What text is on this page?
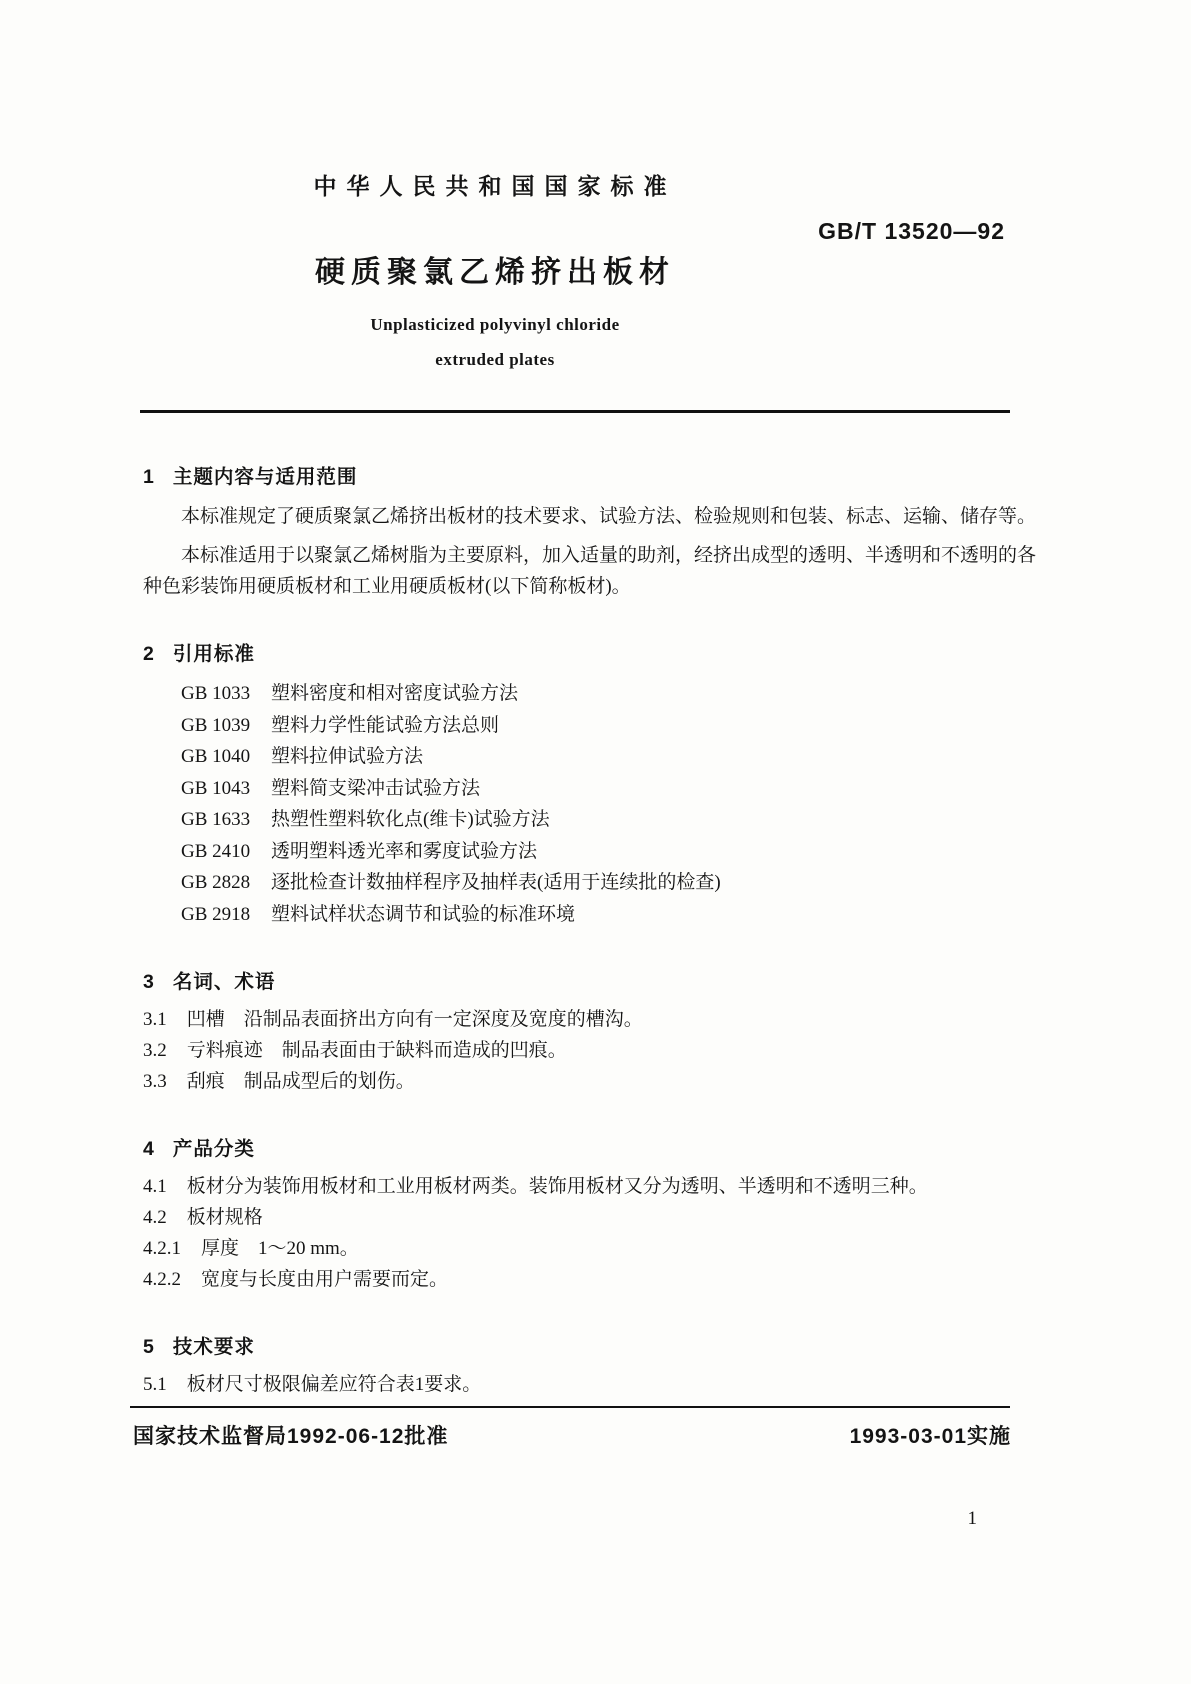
中华人民共和国国家标准
硬质聚氯乙烯挤出板材
Unplasticized polyvinyl chloride
extruded plates
GB/T 13520—92
1 主题内容与适用范围

本标准规定了硬质聚氯乙烯挤出板材的技术要求、试验方法、检验规则和包装、标志、运输、储存等。

本标准适用于以聚氯乙烯树脂为主要原料，加入适量的助剂，经挤出成型的透明、半透明和不透明的各种色彩装饰用硬质板材和工业用硬质板材(以下简称板材)。

2 引用标准
GB 1033 塑料密度和相对密度试验方法
GB 1039 塑料力学性能试验方法总则
GB 1040 塑料拉伸试验方法
GB 1043 塑料简支梁冲击试验方法
GB 1633 热塑性塑料软化点(维卡)试验方法
GB 2410 透明塑料透光率和雾度试验方法
GB 2828 逐批检查计数抽样程序及抽样表(适用于连续批的检查)
GB 2918 塑料试样状态调节和试验的标准环境
3 名词、术语
3.1 凹槽　沿制品表面挤出方向有一定深度及宽度的槽沟。
3.2 亏料痕迹　制品表面由于缺料而造成的凹痕。
3.3 刮痕　制品成型后的划伤。
4 产品分类
4.1 板材分为装饰用板材和工业用板材两类。装饰用板材又分为透明、半透明和不透明三种。
4.2 板材规格
4.2.1 厚度　1～20 mm。
4.2.2 宽度与长度由用户需要而定。
5 技术要求
5.1 板材尺寸极限偏差应符合表1要求。
国家技术监督局1992-06-12批准	1993-03-01实施
1
